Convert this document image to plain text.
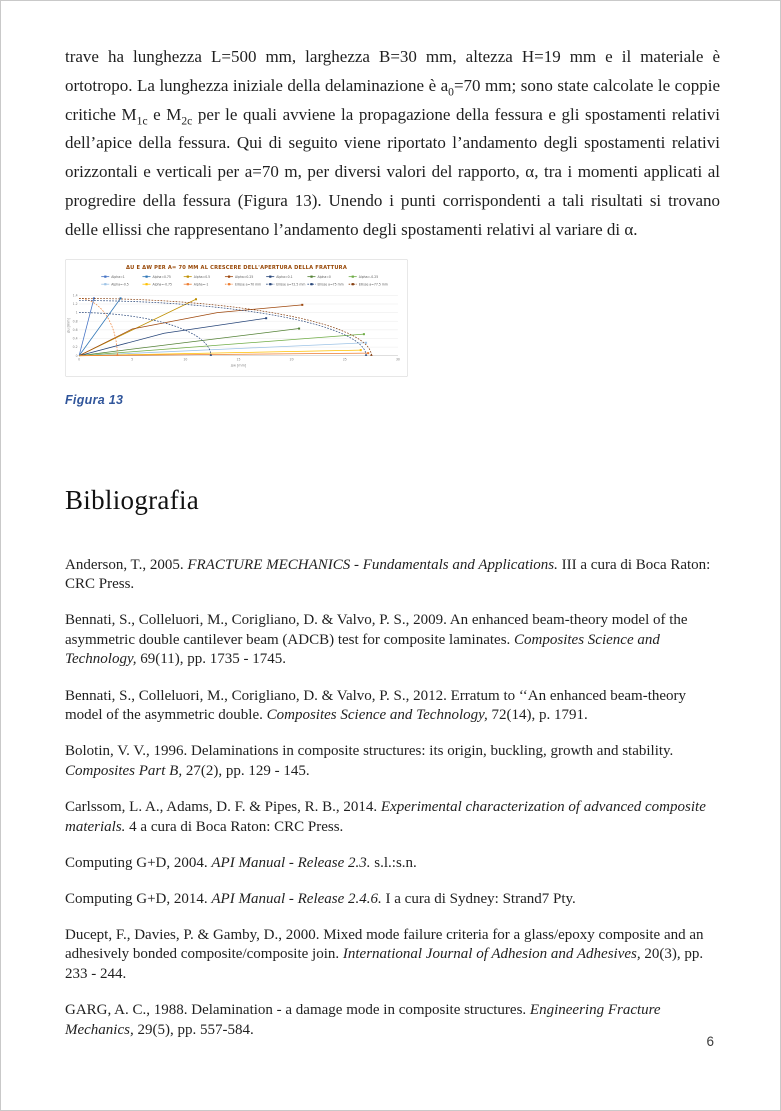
trave ha lunghezza L=500 mm, larghezza B=30 mm, altezza H=19 mm e il materiale è ortotropo. La lunghezza iniziale della delaminazione è $a_0=70$ mm; sono state calcolate le coppie critiche $M_{1c}$ e $M_{2c}$ per le quali avviene la propagazione della fessura e gli spostamenti relativi dell’apice della fessura. Qui di seguito viene riportato l’andamento degli spostamenti relativi orizzontali e verticali per a=70 m, per diversi valori del rapporto, α, tra i momenti applicati al progredire della fessura (Figura 13). Unendo i punti corrispondenti a tali risultati si trovano delle ellissi che rappresentano l’andamento degli spostamenti relativi al variare di α.

ΔU E ΔW PER A= 70 MM AL CRESCERE DELL'APERTURA DELLA FRATTURA
Alpha=1	Alpha=0.75	Alpha=0.5	Alpha=0.25	Alpha=0.1	Alpha=0	Alpha=-0.25
Alpha=-0.5	Alpha=-0.75	Alpha=-1	Ellisse a=70 mm	Ellisse a=72.5 mm	Ellisse a=75 mm	Ellisse a=77.5 mm
0
0.2
0.4
0.6
0.8
1
1.2
1.4
0	5	10	15	20	25	30
Δw [mm]
Δu [mm]
Figura 13
Bibliografia

Anderson, T., 2005. FRACTURE MECHANICS - Fundamentals and Applications. III a cura di Boca Raton: CRC Press.

Bennati, S., Colleluori, M., Corigliano, D. & Valvo, P. S., 2009. An enhanced beam-theory model of the asymmetric double cantilever beam (ADCB) test for composite laminates. Composites Science and Technology, 69(11), pp. 1735 - 1745.

Bennati, S., Colleluori, M., Corigliano, D. & Valvo, P. S., 2012. Erratum to ‘‘An enhanced beam-theory model of the asymmetric double. Composites Science and Technology, 72(14), p. 1791.

Bolotin, V. V., 1996. Delaminations in composite structures: its origin, buckling, growth and stability. Composites Part B, 27(2), pp. 129 - 145.

Carlssom, L. A., Adams, D. F. & Pipes, R. B., 2014. Experimental characterization of advanced composite materials. 4 a cura di Boca Raton: CRC Press.

Computing G+D, 2004. API Manual - Release 2.3. s.l.:s.n.

Computing G+D, 2014. API Manual - Release 2.4.6. I a cura di Sydney: Strand7 Pty.

Ducept, F., Davies, P. & Gamby, D., 2000. Mixed mode failure criteria for a glass/epoxy composite and an adhesively bonded composite/composite join. International Journal of Adhesion and Adhesives, 20(3), pp. 233 - 244.

GARG, A. C., 1988. Delamination - a damage mode in composite structures. Engineering Fracture Mechanics, 29(5), pp. 557-584.

6
